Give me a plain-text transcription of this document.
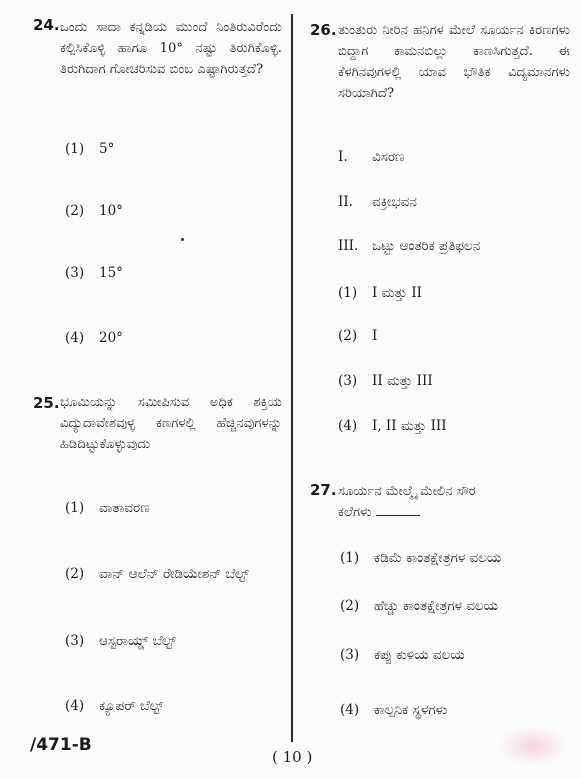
24. ಒಂದು ಸಾದಾ ಕನ್ನಡಿಯ ಮುಂದೆ ನಿಂತಿರುವಿರೆಂದು ಕಲ್ಪಿಸಿಕೊಳ್ಳಿ ಹಾಗೂ 10° ನಷ್ಟು ತಿರುಗಿಕೊಳ್ಳಿ. ತಿರುಗಿದಾಗ ಗೋಚರಿಸುವ ಬಿಂಬ ಎಷ್ಟಾಗಿರುತ್ತದೆ?
(1) 5°
(2) 10°
(3) 15°
(4) 20°
25. ಭೂಮಿಯನ್ನು ಸಮೀಪಿಸುವ ಅಧಿಕ ಶಕ್ತಿಯ ವಿದ್ಯುದಾವೇಶವುಳ್ಳ ಕಣಗಳಲ್ಲಿ ಹೆಚ್ಚಿನವುಗಳನ್ನು ಹಿಡಿದಿಟ್ಟುಕೊಳ್ಳುವುದು
(1) ವಾತಾವರಣ
(2) ವಾನ್ ಆಲೆನ್ ರೇಡಿಯೇಶನ್ ಬೆಲ್ಟ್
(3) ಆಸ್ಟರಾಯ್ಡ್ ಬೆಲ್ಟ್
(4) ಕ್ಯೂಪರ್ ಬೆಲ್ಟ್
26. ತುಂತುರು ನೀರಿನ ಹನಿಗಳ ಮೇಲೆ ಸೂರ್ಯನ ಕಿರಣಗಳು ಬಿದ್ದಾಗ ಕಾಮನಬಿಲ್ಲು ಕಾಣಸಿಗುತ್ತದೆ. ಈ ಕೆಳಗಿನವುಗಳಲ್ಲಿ ಯಾವ ಭೌತಿಕ ವಿದ್ಯಮಾನಗಳು ಸರಿಯಾಗಿದೆ?
I. ವಿಸರಣ
II. ವಕ್ರೀಭವನ
III. ಒಟ್ಟು ಆಂತರಿಕ ಪ್ರತಿಫಲನ
(1) I ಮತ್ತು II
(2) I
(3) II ಮತ್ತು III
(4) I, II ಮತ್ತು III
27. ಸೂರ್ಯನ ಮೇಲ್ಮೈ ಮೇಲಿನ ಸೌರ
ಕಲೆಗಳು
(1) ಕಡಿಮೆ ಕಾಂತಕ್ಷೇತ್ರಗಳ ವಲಯ
(2) ಹೆಚ್ಚು ಕಾಂತಕ್ಷೇತ್ರಗಳ ವಲಯ
(3) ಕಪ್ಪು ಕುಳಿಯ ವಲಯ
(4) ಕಾಲ್ಪನಿಕ ಸ್ಥಳಗಳು
/471-B
( 10 )
